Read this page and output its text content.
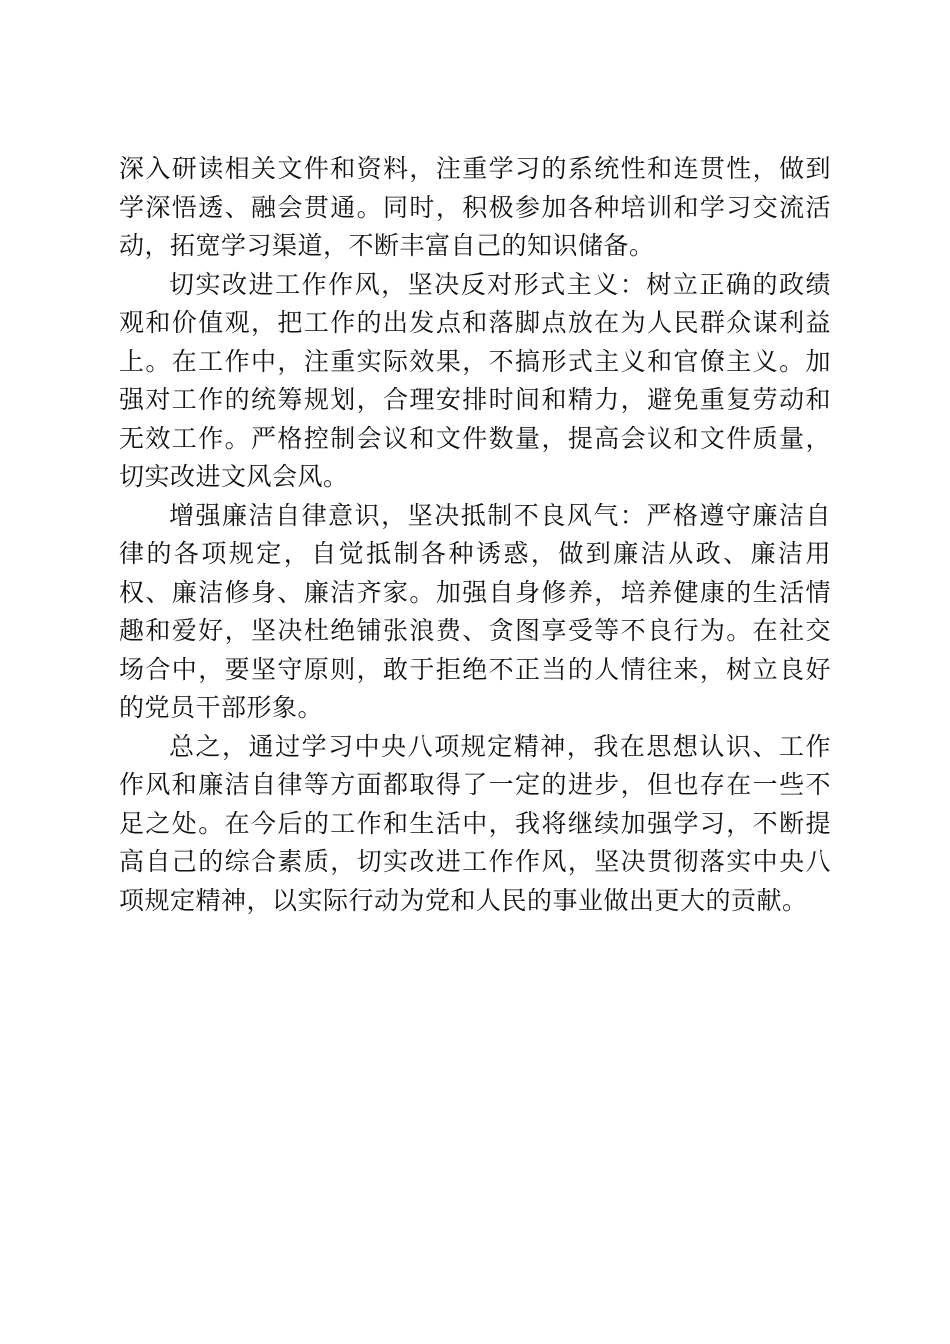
深入研读相关文件和资料，注重学习的系统性和连贯性，做到学深悟透、融会贯通。同时，积极参加各种培训和学习交流活动，拓宽学习渠道，不断丰富自己的知识储备。

切实改进工作作风，坚决反对形式主义：树立正确的政绩观和价值观，把工作的出发点和落脚点放在为人民群众谋利益上。在工作中，注重实际效果，不搞形式主义和官僚主义。加强对工作的统筹规划，合理安排时间和精力，避免重复劳动和无效工作。严格控制会议和文件数量，提高会议和文件质量，切实改进文风会风。

增强廉洁自律意识，坚决抵制不良风气：严格遵守廉洁自律的各项规定，自觉抵制各种诱惑，做到廉洁从政、廉洁用权、廉洁修身、廉洁齐家。加强自身修养，培养健康的生活情趣和爱好，坚决杜绝铺张浪费、贪图享受等不良行为。在社交场合中，要坚守原则，敢于拒绝不正当的人情往来，树立良好的党员干部形象。

总之，通过学习中央八项规定精神，我在思想认识、工作作风和廉洁自律等方面都取得了一定的进步，但也存在一些不足之处。在今后的工作和生活中，我将继续加强学习，不断提高自己的综合素质，切实改进工作作风，坚决贯彻落实中央八项规定精神，以实际行动为党和人民的事业做出更大的贡献。
